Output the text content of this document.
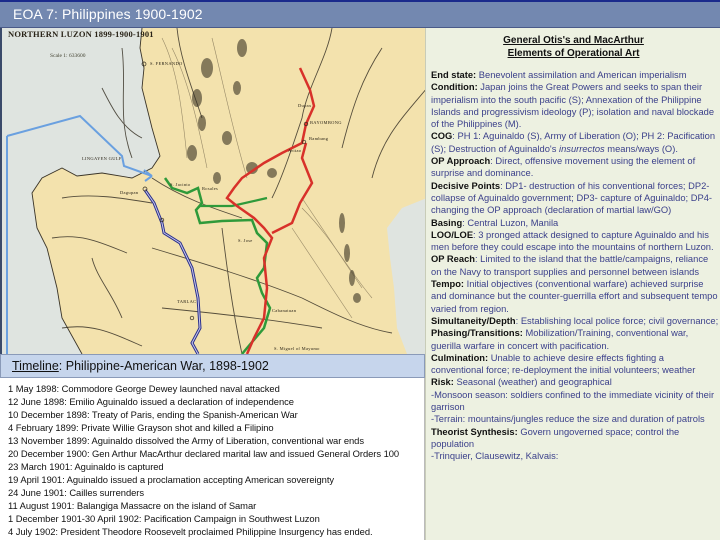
EOA 7: Philippines 1900-1902
NORTHERN LUZON 1899-1900-1901
Scale 1: 633600
S. FERNANDO
LINGAYEN GULF
BAYOMBONG
Bambang
Dupax
Aritao
TARLAC
S. Miguel of Mayumo
Dagupan
S. Jacinto
Rosales
S. Jose
Cabanatuan
Timeline: Philippine-American War, 1898-1902
1 May 1898: Commodore George Dewey launched naval attacked
12 June 1898: Emilio Aguinaldo issued a declaration of independence
10 December 1898: Treaty of Paris, ending the Spanish-American War
4 February 1899: Private Willie Grayson shot and killed a Filipino
13 November 1899: Aguinaldo dissolved the Army of Liberation, conventional war ends
20 December 1900: Gen Arthur MacArthur declared marital law and issued General Orders 100
23 March 1901: Aguinaldo is captured
19 April 1901: Aguinaldo issued a proclamation accepting American sovereignty
24 June 1901: Cailles surrenders
11 August 1901: Balangiga Massacre on the island of Samar
1 December 1901-30 April 1902: Pacification Campaign in Southwest Luzon
4 July 1902: President Theodore Roosevelt proclaimed Philippine Insurgency has ended.
General Otis's and MacArthur
Elements of Operational Art
End state: Benevolent assimilation and American imperialism
Condition: Japan joins the Great Powers and seeks to span their imperialism into the south pacific (S); Annexation of the Philippine Islands and progressivism ideology (P); isolation and naval blockade of the Philippines (M).
COG: PH 1: Aguinaldo (S), Army of Liberation (O); PH 2: Pacification (S); Destruction of Aguinaldo's insurrectos means/ways (O).
OP Approach: Direct, offensive movement using the element of surprise and dominance.
Decisive Points: DP1- destruction of his conventional forces; DP2- collapse of Aguinaldo government; DP3- capture of Aguinaldo; DP4- changing the OP approach (declaration of martial law/GO)
Basing: Central Luzon, Manila
LOO/LOE: 3 pronged attack designed to capture Aguinaldo and his men before they could escape into the mountains of northern Luzon.
OP Reach: Limited to the island that the battle/campaigns, reliance on the Navy to transport supplies and personnel between islands
Tempo: Initial objectives (conventional warfare) achieved surprise and dominance but the counter-guerrilla effort and subsequent tempo varied from region.
Simultaneity/Depth: Establishing local police force; civil governance;
Phasing/Transitions: Mobilization/Training, conventional war, guerilla warfare in concert with pacification.
Culmination: Unable to achieve desire effects fighting a conventional force; re-deployment the initial volunteers; weather
Risk: Seasonal (weather) and geographical
-Monsoon season: soldiers confined to the immediate vicinity of their garrison
-Terrain: mountains/jungles reduce the size and duration of patrols
Theorist Synthesis: Govern ungoverned space; control the population
-Trinquier, Clausewitz, Kalvais:
